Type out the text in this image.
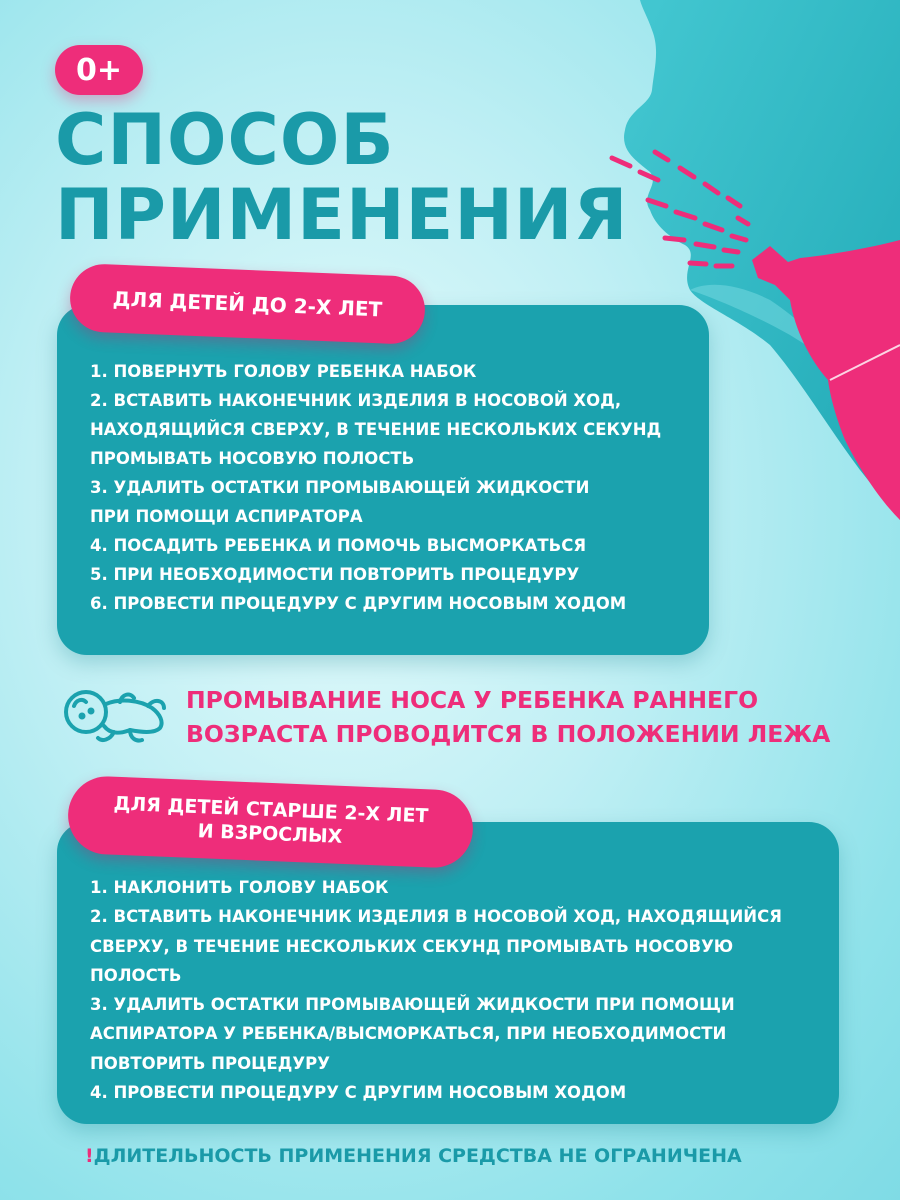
0+
СПОСОБ
ПРИМЕНЕНИЯ
ДЛЯ ДЕТЕЙ ДО 2-Х ЛЕТ
1. ПОВЕРНУТЬ ГОЛОВУ РЕБЕНКА НАБОК
2. ВСТАВИТЬ НАКОНЕЧНИК ИЗДЕЛИЯ В НОСОВОЙ ХОД,
НАХОДЯЩИЙСЯ СВЕРХУ, В ТЕЧЕНИЕ НЕСКОЛЬКИХ СЕКУНД
ПРОМЫВАТЬ НОСОВУЮ ПОЛОСТЬ
3. УДАЛИТЬ ОСТАТКИ ПРОМЫВАЮЩЕЙ ЖИДКОСТИ
ПРИ ПОМОЩИ АСПИРАТОРА
4. ПОСАДИТЬ РЕБЕНКА И ПОМОЧЬ ВЫСМОРКАТЬСЯ
5. ПРИ НЕОБХОДИМОСТИ ПОВТОРИТЬ ПРОЦЕДУРУ
6. ПРОВЕСТИ ПРОЦЕДУРУ С ДРУГИМ НОСОВЫМ ХОДОМ
ПРОМЫВАНИЕ НОСА У РЕБЕНКА РАННЕГО
ВОЗРАСТА ПРОВОДИТСЯ В ПОЛОЖЕНИИ ЛЕЖА
ДЛЯ ДЕТЕЙ СТАРШЕ 2-Х ЛЕТ
И ВЗРОСЛЫХ
1. НАКЛОНИТЬ ГОЛОВУ НАБОК
2. ВСТАВИТЬ НАКОНЕЧНИК ИЗДЕЛИЯ В НОСОВОЙ ХОД, НАХОДЯЩИЙСЯ
СВЕРХУ, В ТЕЧЕНИЕ НЕСКОЛЬКИХ СЕКУНД ПРОМЫВАТЬ НОСОВУЮ
ПОЛОСТЬ
3. УДАЛИТЬ ОСТАТКИ ПРОМЫВАЮЩЕЙ ЖИДКОСТИ ПРИ ПОМОЩИ
АСПИРАТОРА У РЕБЕНКА/ВЫСМОРКАТЬСЯ, ПРИ НЕОБХОДИМОСТИ
ПОВТОРИТЬ ПРОЦЕДУРУ
4. ПРОВЕСТИ ПРОЦЕДУРУ С ДРУГИМ НОСОВЫМ ХОДОМ
!ДЛИТЕЛЬНОСТЬ ПРИМЕНЕНИЯ СРЕДСТВА НЕ ОГРАНИЧЕНА
